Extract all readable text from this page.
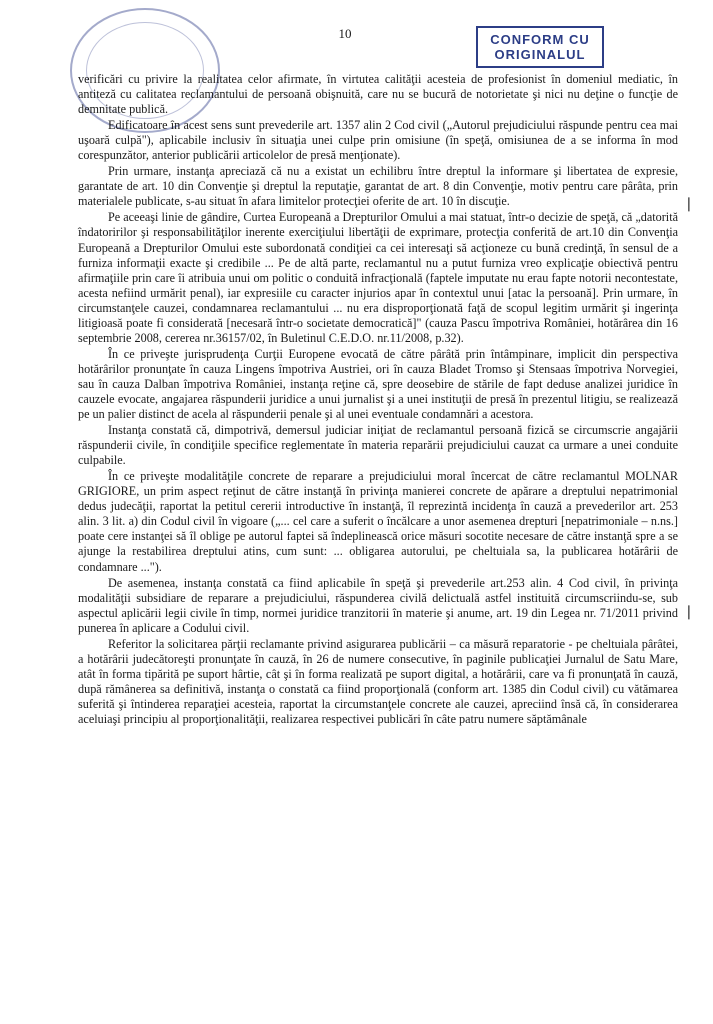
10	CONFORM CU
ORIGINALUL

verificări cu privire la realitatea celor afirmate, în virtutea calităţii acesteia de profesionist în domeniul mediatic, în antiteză cu calitatea reclamantului de persoană obişnuită, care nu se bucură de notorietate şi nici nu deţine o funcţie de demnitate publică.

Edificatoare în acest sens sunt prevederile art. 1357 alin 2 Cod civil („Autorul prejudiciului răspunde pentru cea mai uşoară culpă"), aplicabile inclusiv în situaţia unei culpe prin omisiune (în speţă, omisiunea de a se informa în mod corespunzător, anterior publicării articolelor de presă menţionate).

Prin urmare, instanţa apreciază că nu a existat un echilibru între dreptul la informare şi libertatea de expresie, garantate de art. 10 din Convenţie şi dreptul la reputaţie, garantat de art. 8 din Convenţie, motiv pentru care pârâta, prin materialele publicate, s-au situat în afara limitelor protecţiei oferite de art. 10 în discuţie.

Pe aceeaşi linie de gândire, Curtea Europeană a Drepturilor Omului a mai statuat, într-o decizie de speţă, că „datorită îndatoririlor şi responsabilităţilor inerente exerciţiului libertăţii de exprimare, protecţia conferită de art.10 din Convenţia Europeană a Drepturilor Omului este subordonată condiţiei ca cei interesaţi să acţioneze cu bună credinţă, în sensul de a furniza informaţii exacte şi credibile ... Pe de altă parte, reclamantul nu a putut furniza vreo explicaţie obiectivă pentru afirmaţiile prin care îi atribuia unui om politic o conduită infracţională (faptele imputate nu erau fapte notorii necontestate, acesta nefiind urmărit penal), iar expresiile cu caracter injurios apar în contextul unui [atac la persoană]. Prin urmare, în circumstanţele cauzei, condamnarea reclamantului ... nu era disproporţionată faţă de scopul legitim urmărit şi ingerinţa litigioasă poate fi considerată [necesară într-o societate democratică]" (cauza Pascu împotriva României, hotărârea din 16 septembrie 2008, cererea nr.36157/02, în Buletinul C.E.D.O. nr.11/2008, p.32).

În ce priveşte jurisprudenţa Curţii Europene evocată de către pârâtă prin întâmpinare, implicit din perspectiva hotărârilor pronunţate în cauza Lingens împotriva Austriei, ori în cauza Bladet Tromso şi Stensaas împotriva Norvegiei, sau în cauza Dalban împotriva României, instanţa reţine că, spre deosebire de stările de fapt deduse analizei juridice în cauzele evocate, angajarea răspunderii juridice a unui jurnalist şi a unei instituţii de presă în prezentul litigiu, se realizează pe un palier distinct de acela al răspunderii penale şi al unei eventuale condamnări a acestora.

Instanţa constată că, dimpotrivă, demersul judiciar iniţiat de reclamantul persoană fizică se circumscrie angajării răspunderii civile, în condiţiile specifice reglementate în materia reparării prejudiciului cauzat ca urmare a unei conduite culpabile.

În ce priveşte modalităţile concrete de reparare a prejudiciului moral încercat de către reclamantul MOLNAR GRIGIORE, un prim aspect reţinut de către instanţă în privinţa manierei concrete de apărare a dreptului nepatrimonial dedus judecăţii, raportat la petitul cererii introductive în instanţă, îl reprezintă incidenţa în cauză a prevederilor art. 253 alin. 3 lit. a) din Codul civil în vigoare („... cel care a suferit o încălcare a unor asemenea drepturi [nepatrimoniale – n.ns.] poate cere instanţei să îl oblige pe autorul faptei să îndeplinească orice măsuri socotite necesare de către instanţă spre a se ajunge la restabilirea dreptului atins, cum sunt: ... obligarea autorului, pe cheltuiala sa, la publicarea hotărârii de condamnare ...").

De asemenea, instanţa constată ca fiind aplicabile în speţă şi prevederile art.253 alin. 4 Cod civil, în privinţa modalităţii subsidiare de reparare a prejudiciului, răspunderea civilă delictuală astfel instituită circumscriindu-se, sub aspectul aplicării legii civile în timp, normei juridice tranzitorii în materie şi anume, art. 19 din Legea nr. 71/2011 privind punerea în aplicare a Codului civil.

Referitor la solicitarea părţii reclamante privind asigurarea publicării – ca măsură reparatorie - pe cheltuiala pârâtei, a hotărârii judecătoreşti pronunţate în cauză, în 26 de numere consecutive, în paginile publicaţiei Jurnalul de Satu Mare, atât în forma tipărită pe suport hârtie, cât şi în forma realizată pe suport digital, a hotărârii, care va fi pronunţată în cauză, după rămânerea sa definitivă, instanţa o constată ca fiind proporţională (conform art. 1385 din Codul civil) cu vătămarea suferită şi întinderea reparaţiei acesteia, raportat la circumstanţele concrete ale cauzei, apreciind însă că, în considerarea aceluiaşi principiu al proporţionalităţii, realizarea respectivei publicări în câte patru numere săptămânale

❘
❘
